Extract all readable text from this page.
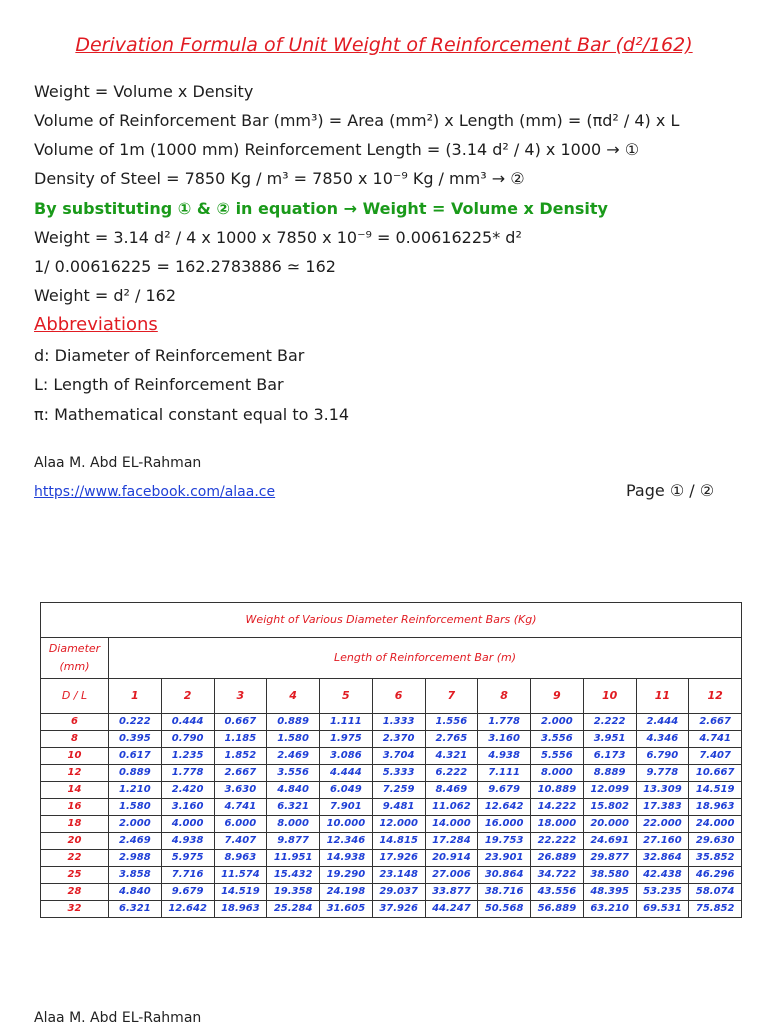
Derivation Formula of Unit Weight of Reinforcement Bar (d²/162)
Weight = Volume x Density
Volume of Reinforcement Bar (mm³) = Area (mm²) x Length (mm) = (πd² / 4) x L
Volume of 1m (1000 mm) Reinforcement Length = (3.14 d² / 4) x 1000 → ①
Density of Steel = 7850 Kg / m³ = 7850 x 10⁻⁹ Kg / mm³ → ②
By substituting ① & ② in equation → Weight = Volume x Density
Weight = 3.14 d² / 4 x 1000 x 7850 x 10⁻⁹ = 0.00616225* d²
1/ 0.00616225 = 162.2783886 ≃ 162
Weight = d² / 162
Abbreviations
d: Diameter of Reinforcement Bar
L: Length of Reinforcement Bar
π: Mathematical constant equal to 3.14
Alaa M. Abd EL-Rahman
https://www.facebook.com/alaa.ce	Page ① / ②
Weight of Various Diameter Reinforcement Bars (Kg)												

Diameter
(mm)	Length of Reinforcement Bar (m)											
D / L	1	2	3	4	5	6	7	8	9	10	11	12
6	0.222	0.444	0.667	0.889	1.111	1.333	1.556	1.778	2.000	2.222	2.444	2.667
8	0.395	0.790	1.185	1.580	1.975	2.370	2.765	3.160	3.556	3.951	4.346	4.741
10	0.617	1.235	1.852	2.469	3.086	3.704	4.321	4.938	5.556	6.173	6.790	7.407
12	0.889	1.778	2.667	3.556	4.444	5.333	6.222	7.111	8.000	8.889	9.778	10.667
14	1.210	2.420	3.630	4.840	6.049	7.259	8.469	9.679	10.889	12.099	13.309	14.519
16	1.580	3.160	4.741	6.321	7.901	9.481	11.062	12.642	14.222	15.802	17.383	18.963
18	2.000	4.000	6.000	8.000	10.000	12.000	14.000	16.000	18.000	20.000	22.000	24.000
20	2.469	4.938	7.407	9.877	12.346	14.815	17.284	19.753	22.222	24.691	27.160	29.630
22	2.988	5.975	8.963	11.951	14.938	17.926	20.914	23.901	26.889	29.877	32.864	35.852
25	3.858	7.716	11.574	15.432	19.290	23.148	27.006	30.864	34.722	38.580	42.438	46.296
28	4.840	9.679	14.519	19.358	24.198	29.037	33.877	38.716	43.556	48.395	53.235	58.074
32	6.321	12.642	18.963	25.284	31.605	37.926	44.247	50.568	56.889	63.210	69.531	75.852
Alaa M. Abd EL-Rahman
